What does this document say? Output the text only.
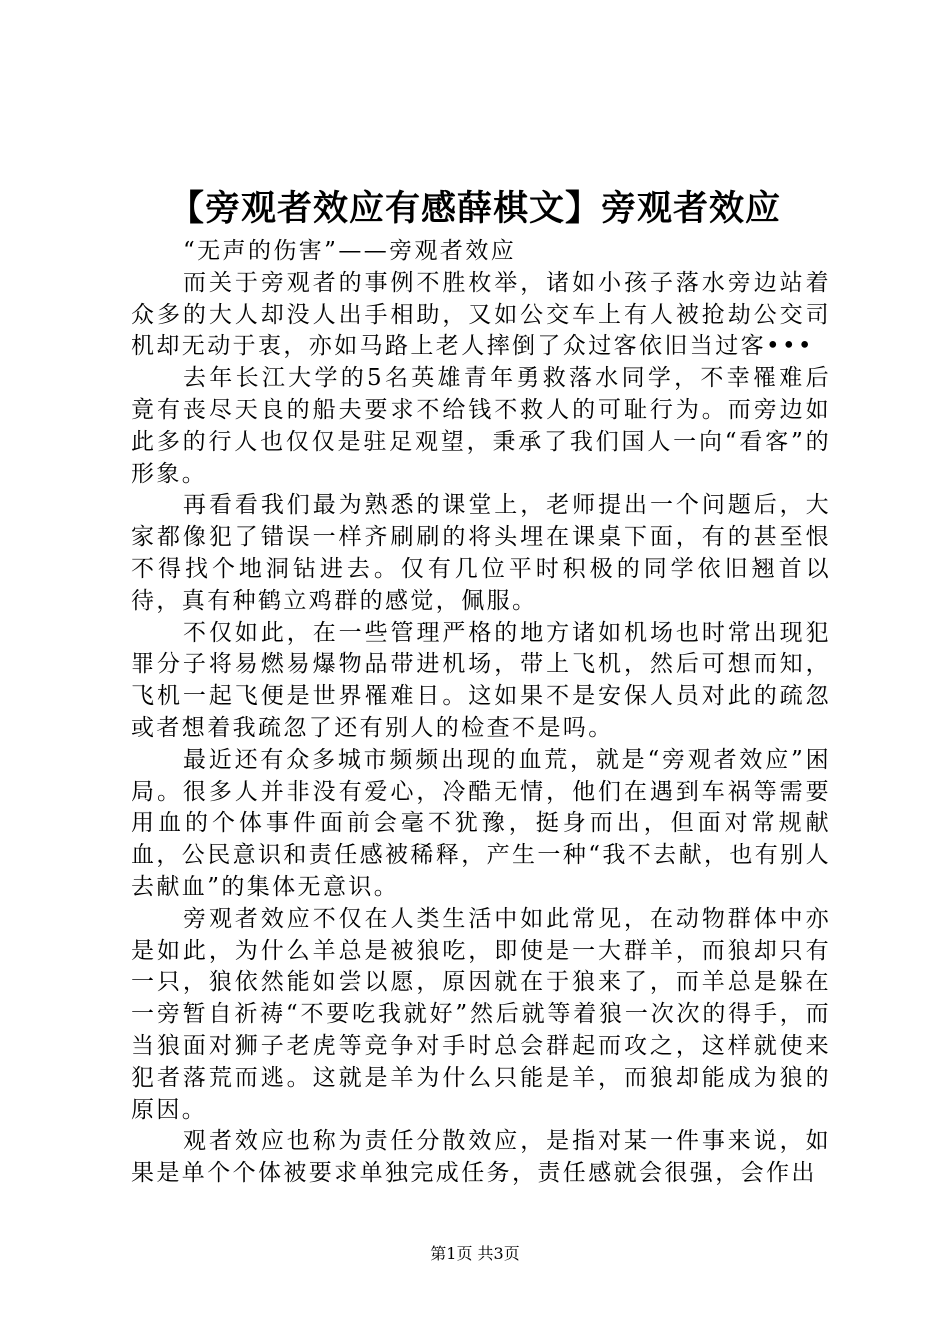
【旁观者效应有感薛棋文】旁观者效应

“无声的伤害”——旁观者效应

而关于旁观者的事例不胜枚举，诸如小孩子落水旁边站着众多的大人却没人出手相助，又如公交车上有人被抢劫公交司机却无动于衷，亦如马路上老人摔倒了众过客依旧当过客•••

去年长江大学的5名英雄青年勇救落水同学，不幸罹难后竟有丧尽天良的船夫要求不给钱不救人的可耻行为。而旁边如此多的行人也仅仅是驻足观望，秉承了我们国人一向“看客”的形象。

再看看我们最为熟悉的课堂上，老师提出一个问题后，大家都像犯了错误一样齐刷刷的将头埋在课桌下面，有的甚至恨不得找个地洞钻进去。仅有几位平时积极的同学依旧翘首以待，真有种鹤立鸡群的感觉，佩服。

不仅如此，在一些管理严格的地方诸如机场也时常出现犯罪分子将易燃易爆物品带进机场，带上飞机，然后可想而知，飞机一起飞便是世界罹难日。这如果不是安保人员对此的疏忽或者想着我疏忽了还有别人的检查不是吗。

最近还有众多城市频频出现的血荒，就是“旁观者效应”困局。很多人并非没有爱心，冷酷无情，他们在遇到车祸等需要用血的个体事件面前会毫不犹豫，挺身而出，但面对常规献血，公民意识和责任感被稀释，产生一种“我不去献，也有别人去献血”的集体无意识。

旁观者效应不仅在人类生活中如此常见，在动物群体中亦是如此，为什么羊总是被狼吃，即使是一大群羊，而狼却只有一只，狼依然能如尝以愿，原因就在于狼来了，而羊总是躲在一旁暂自祈祷“不要吃我就好”然后就等着狼一次次的得手，而当狼面对狮子老虎等竞争对手时总会群起而攻之，这样就使来犯者落荒而逃。这就是羊为什么只能是羊，而狼却能成为狼的原因。

观者效应也称为责任分散效应，是指对某一件事来说，如果是单个个体被要求单独完成任务，责任感就会很强，会作出

第1页 共3页
